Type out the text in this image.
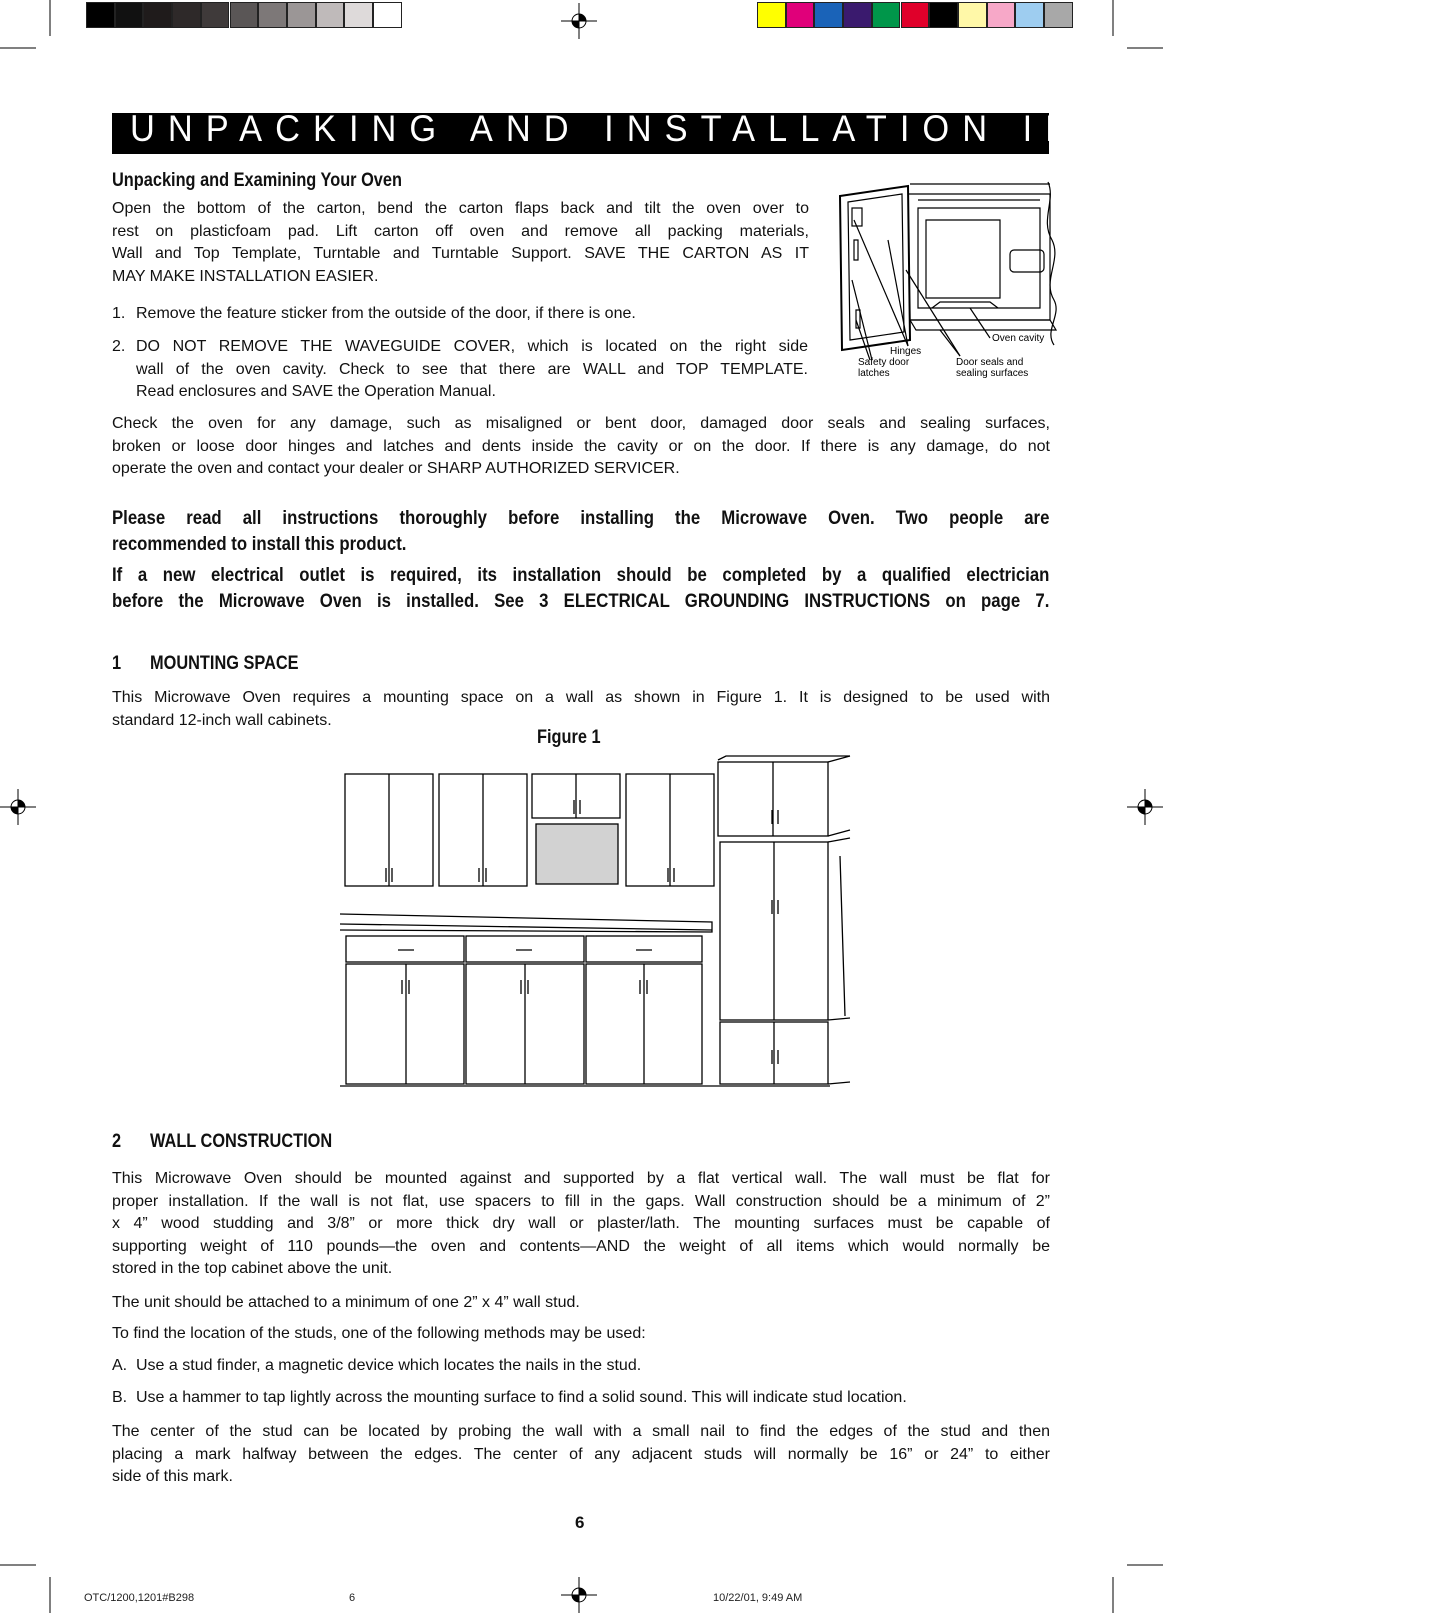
UNPACKING AND INSTALLATION INSTRUCTIONS
Unpacking and Examining Your Oven
Open the bottom of the carton, bend the carton flaps back and tilt the oven over to
rest on plasticfoam pad. Lift carton off oven and remove all packing materials,
Wall and Top Template, Turntable and Turntable Support. SAVE THE CARTON AS IT
MAY MAKE INSTALLATION EASIER.
1. Remove the feature sticker from the outside of the door, if there is one.
2. DO NOT REMOVE THE WAVEGUIDE COVER, which is located on the right side
wall of the oven cavity. Check to see that there are WALL and TOP TEMPLATE.
Read enclosures and SAVE the Operation Manual.
Hinges
Oven cavity
Safety door
latches
Door seals and
sealing surfaces
Check the oven for any damage, such as misaligned or bent door, damaged door seals and sealing surfaces,
broken or loose door hinges and latches and dents inside the cavity or on the door. If there is any damage, do not
operate the oven and contact your dealer or SHARP AUTHORIZED SERVICER.
Please read all instructions thoroughly before installing the Microwave Oven. Two people are
recommended to install this product.
If a new electrical outlet is required, its installation should be completed by a qualified electrician
before the Microwave Oven is installed. See 3 ELECTRICAL GROUNDING INSTRUCTIONS on page 7.
1 MOUNTING SPACE
This Microwave Oven requires a mounting space on a wall as shown in Figure 1. It is designed to be used with
standard 12-inch wall cabinets.
Figure 1
2 WALL CONSTRUCTION
This Microwave Oven should be mounted against and supported by a flat vertical wall. The wall must be flat for
proper installation. If the wall is not flat, use spacers to fill in the gaps. Wall construction should be a minimum of 2”
x 4” wood studding and 3/8” or more thick dry wall or plaster/lath. The mounting surfaces must be capable of
supporting weight of 110 pounds—the oven and contents—AND the weight of all items which would normally be
stored in the top cabinet above the unit.
The unit should be attached to a minimum of one 2” x 4” wall stud.
To find the location of the studs, one of the following methods may be used:
A. Use a stud finder, a magnetic device which locates the nails in the stud.
B. Use a hammer to tap lightly across the mounting surface to find a solid sound. This will indicate stud location.
The center of the stud can be located by probing the wall with a small nail to find the edges of the stud and then
placing a mark halfway between the edges. The center of any adjacent studs will normally be 16” or 24” to either
side of this mark.
6
OTC/1200,1201#B298	6	10/22/01, 9:49 AM
